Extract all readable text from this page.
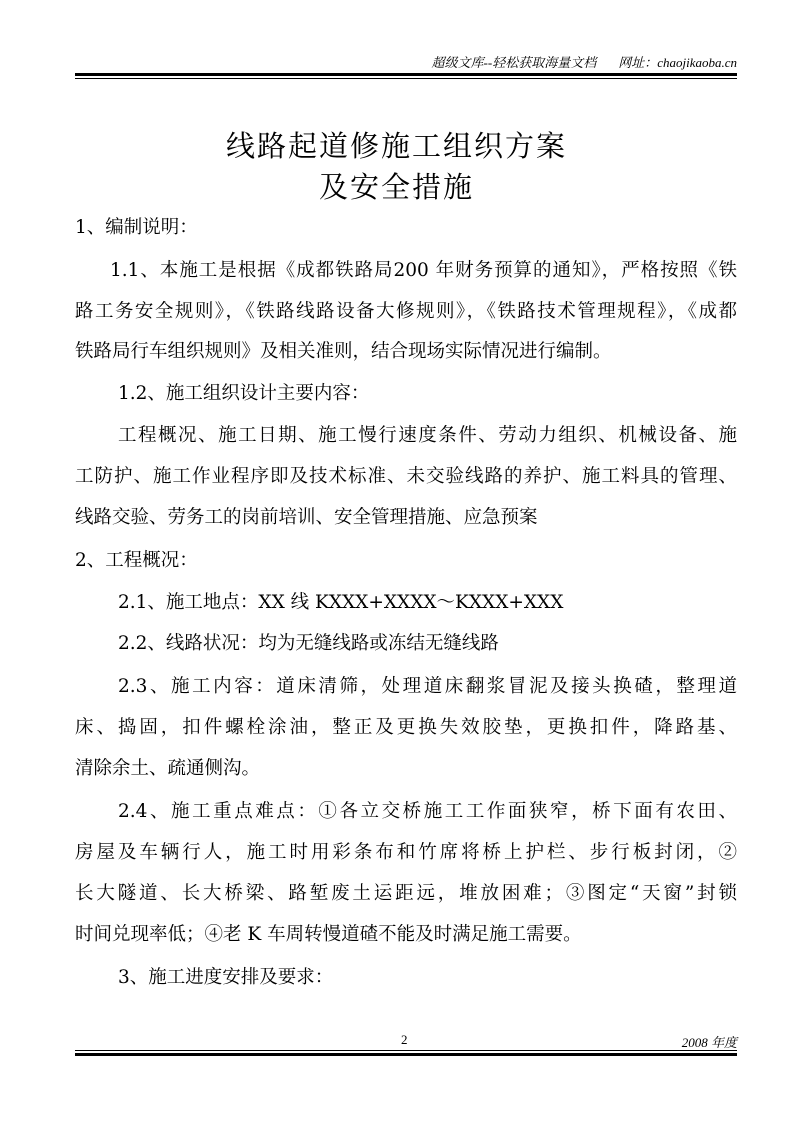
超级文库--轻松获取海量文档 网址：chaojikaoba.cn
线路起道修施工组织方案
及安全措施
1、编制说明：
1.1、本施工是根据《成都铁路局200 年财务预算的通知》，严格按照《铁
路工务安全规则》，《铁路线路设备大修规则》，《铁路技术管理规程》，《成都
铁路局行车组织规则》及相关准则，结合现场实际情况进行编制。
1.2、施工组织设计主要内容：
工程概况、施工日期、施工慢行速度条件、劳动力组织、机械设备、施
工防护、施工作业程序即及技术标准、未交验线路的养护、施工料具的管理、
线路交验、劳务工的岗前培训、安全管理措施、应急预案
2、工程概况：
2.1、施工地点：XX 线 KXXX+XXXX～KXXX+XXX
2.2、线路状况：均为无缝线路或冻结无缝线路
2.3、施工内容：道床清筛，处理道床翻浆冒泥及接头换碴，整理道
床、捣固，扣件螺栓涂油，整正及更换失效胶垫，更换扣件，降路基、
清除余土、疏通侧沟。
2.4、施工重点难点：①各立交桥施工工作面狭窄，桥下面有农田、
房屋及车辆行人，施工时用彩条布和竹席将桥上护栏、步行板封闭，②
长大隧道、长大桥梁、路堑废土运距远，堆放困难；③图定“天窗”封锁
时间兑现率低；④老 K 车周转慢道碴不能及时满足施工需要。
3、施工进度安排及要求：
2	2008 年度
